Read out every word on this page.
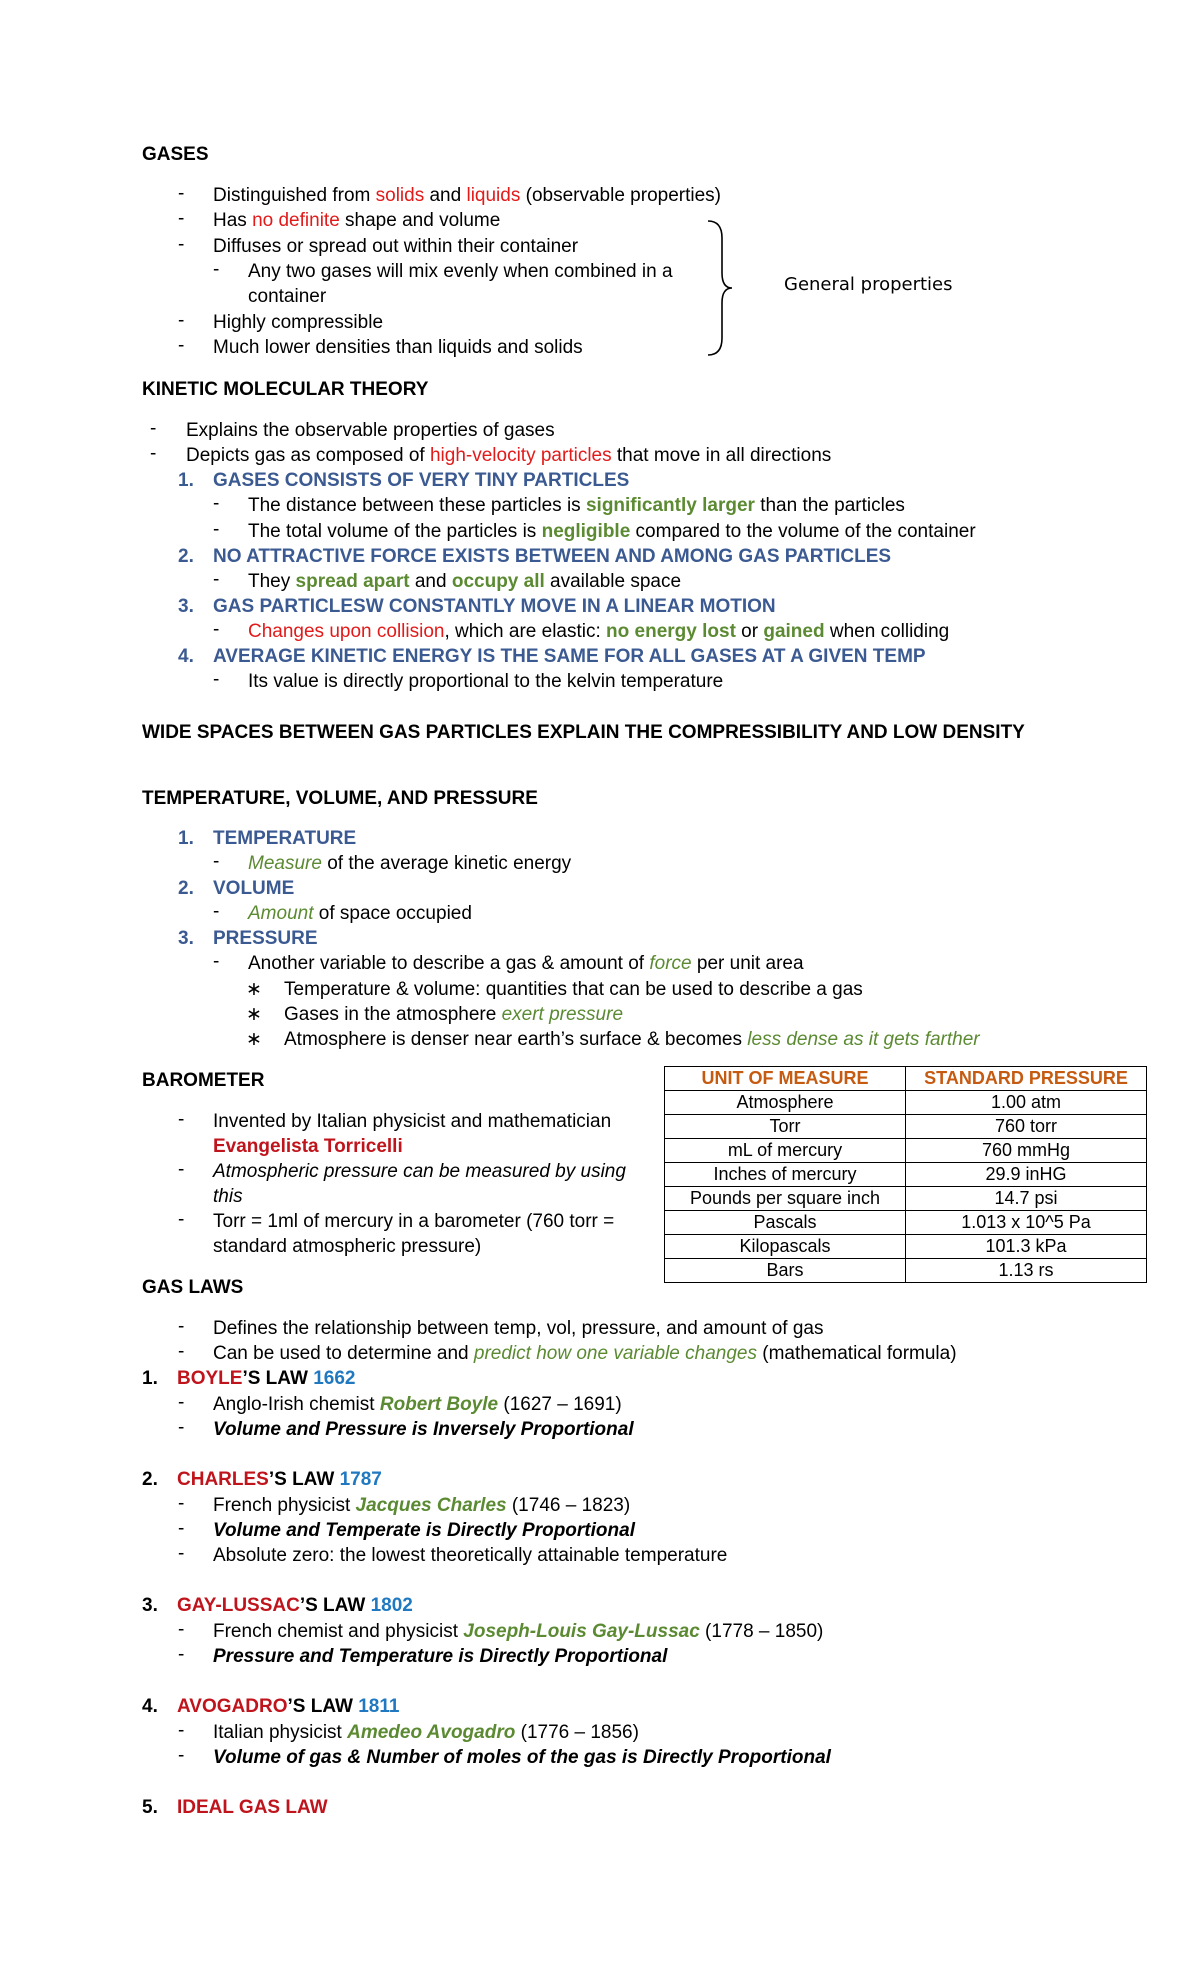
GASES
- Distinguished from solids and liquids (observable properties)
- Has no definite shape and volume
- Diffuses or spread out within their container
- Any two gases will mix evenly when combined in a
container
- Highly compressible
- Much lower densities than liquids and solids
General properties
KINETIC MOLECULAR THEORY
- Explains the observable properties of gases
- Depicts gas as composed of high-velocity particles that move in all directions
1. GASES CONSISTS OF VERY TINY PARTICLES
- The distance between these particles is significantly larger than the particles
- The total volume of the particles is negligible compared to the volume of the container
2. NO ATTRACTIVE FORCE EXISTS BETWEEN AND AMONG GAS PARTICLES
- They spread apart and occupy all available space
3. GAS PARTICLESW CONSTANTLY MOVE IN A LINEAR MOTION
- Changes upon collision, which are elastic: no energy lost or gained when colliding
4. AVERAGE KINETIC ENERGY IS THE SAME FOR ALL GASES AT A GIVEN TEMP
- Its value is directly proportional to the kelvin temperature
WIDE SPACES BETWEEN GAS PARTICLES EXPLAIN THE COMPRESSIBILITY AND LOW DENSITY
TEMPERATURE, VOLUME, AND PRESSURE
1. TEMPERATURE
- Measure of the average kinetic energy
2. VOLUME
- Amount of space occupied
3. PRESSURE
- Another variable to describe a gas & amount of force per unit area
∗ Temperature & volume: quantities that can be used to describe a gas
∗ Gases in the atmosphere exert pressure
∗ Atmosphere is denser near earth’s surface & becomes less dense as it gets farther
BAROMETER
- Invented by Italian physicist and mathematician
Evangelista Torricelli
- Atmospheric pressure can be measured by using
this
- Torr = 1ml of mercury in a barometer (760 torr =
standard atmospheric pressure)
UNIT OF MEASURE	STANDARD PRESSURE
Atmosphere	1.00 atm
Torr	760 torr
mL of mercury	760 mmHg
Inches of mercury	29.9 inHG
Pounds per square inch	14.7 psi
Pascals	1.013 x 10^5 Pa
Kilopascals	101.3 kPa
Bars	1.13 rs
GAS LAWS
- Defines the relationship between temp, vol, pressure, and amount of gas
- Can be used to determine and predict how one variable changes (mathematical formula)
1. BOYLE’S LAW 1662
- Anglo-Irish chemist Robert Boyle (1627 – 1691)
- Volume and Pressure is Inversely Proportional
2. CHARLES’S LAW 1787
- French physicist Jacques Charles (1746 – 1823)
- Volume and Temperate is Directly Proportional
- Absolute zero: the lowest theoretically attainable temperature
3. GAY-LUSSAC’S LAW 1802
- French chemist and physicist Joseph-Louis Gay-Lussac (1778 – 1850)
- Pressure and Temperature is Directly Proportional
4. AVOGADRO’S LAW 1811
- Italian physicist Amedeo Avogadro (1776 – 1856)
- Volume of gas & Number of moles of the gas is Directly Proportional
5. IDEAL GAS LAW
